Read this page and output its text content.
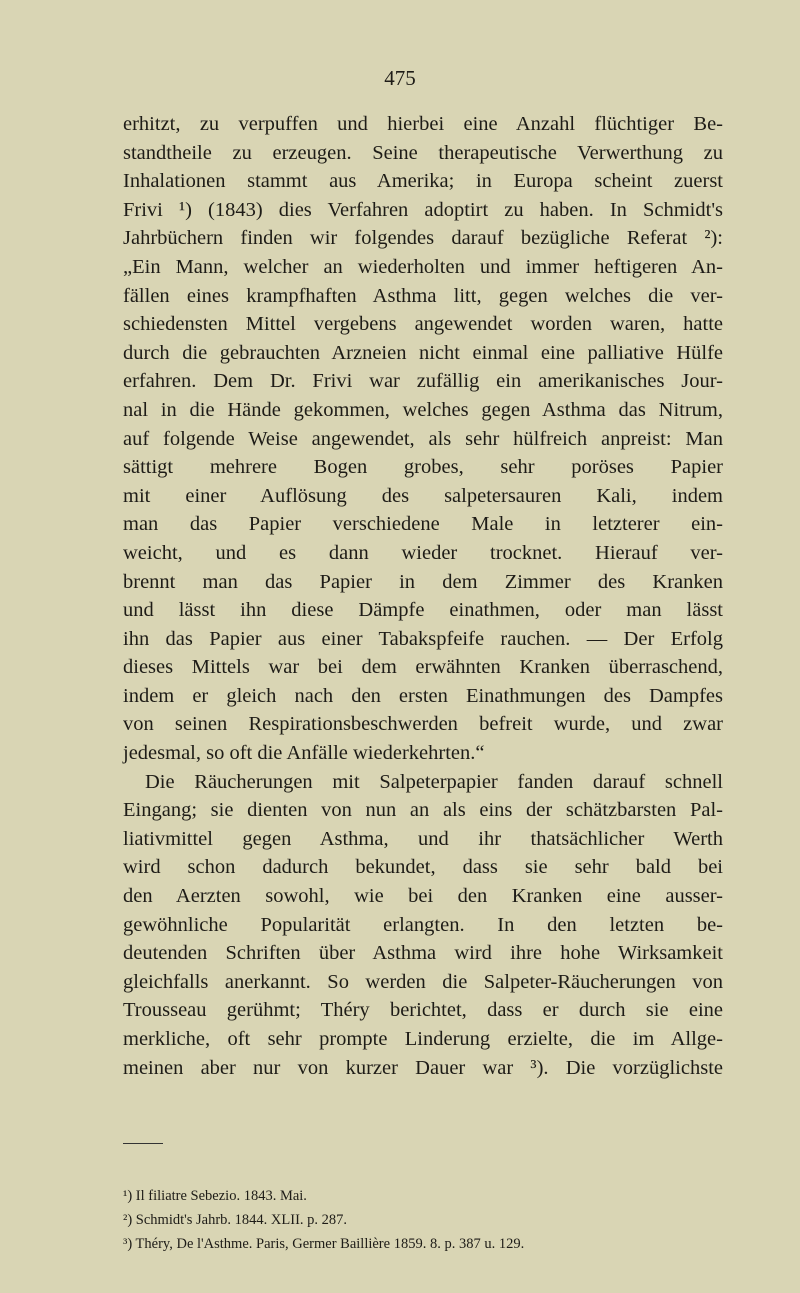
475
erhitzt, zu verpuffen und hierbei eine Anzahl flüchtiger Be-
standtheile zu erzeugen. Seine therapeutische Verwerthung zu
Inhalationen stammt aus Amerika; in Europa scheint zuerst
Frivi ¹) (1843) dies Verfahren adoptirt zu haben. In Schmidt's
Jahrbüchern finden wir folgendes darauf bezügliche Referat ²):
„Ein Mann, welcher an wiederholten und immer heftigeren An-
fällen eines krampfhaften Asthma litt, gegen welches die ver-
schiedensten Mittel vergebens angewendet worden waren, hatte
durch die gebrauchten Arzneien nicht einmal eine palliative Hülfe
erfahren. Dem Dr. Frivi war zufällig ein amerikanisches Jour-
nal in die Hände gekommen, welches gegen Asthma das Nitrum,
auf folgende Weise angewendet, als sehr hülfreich anpreist: Man
sättigt mehrere Bogen grobes, sehr poröses Papier
mit einer Auflösung des salpetersauren Kali, indem
man das Papier verschiedene Male in letzterer ein-
weicht, und es dann wieder trocknet. Hierauf ver-
brennt man das Papier in dem Zimmer des Kranken
und lässt ihn diese Dämpfe einathmen, oder man lässt
ihn das Papier aus einer Tabakspfeife rauchen. — Der Erfolg
dieses Mittels war bei dem erwähnten Kranken überraschend,
indem er gleich nach den ersten Einathmungen des Dampfes
von seinen Respirationsbeschwerden befreit wurde, und zwar
jedesmal, so oft die Anfälle wiederkehrten.“
Die Räucherungen mit Salpeterpapier fanden darauf schnell
Eingang; sie dienten von nun an als eins der schätzbarsten Pal-
liativmittel gegen Asthma, und ihr thatsächlicher Werth
wird schon dadurch bekundet, dass sie sehr bald bei
den Aerzten sowohl, wie bei den Kranken eine ausser-
gewöhnliche Popularität erlangten. In den letzten be-
deutenden Schriften über Asthma wird ihre hohe Wirksamkeit
gleichfalls anerkannt. So werden die Salpeter-Räucherungen von
Trousseau gerühmt; Théry berichtet, dass er durch sie eine
merkliche, oft sehr prompte Linderung erzielte, die im Allge-
meinen aber nur von kurzer Dauer war ³). Die vorzüglichste
¹) Il filiatre Sebezio. 1843. Mai.
²) Schmidt's Jahrb. 1844. XLII. p. 287.
³) Théry, De l'Asthme. Paris, Germer Baillière 1859. 8. p. 387 u. 129.
